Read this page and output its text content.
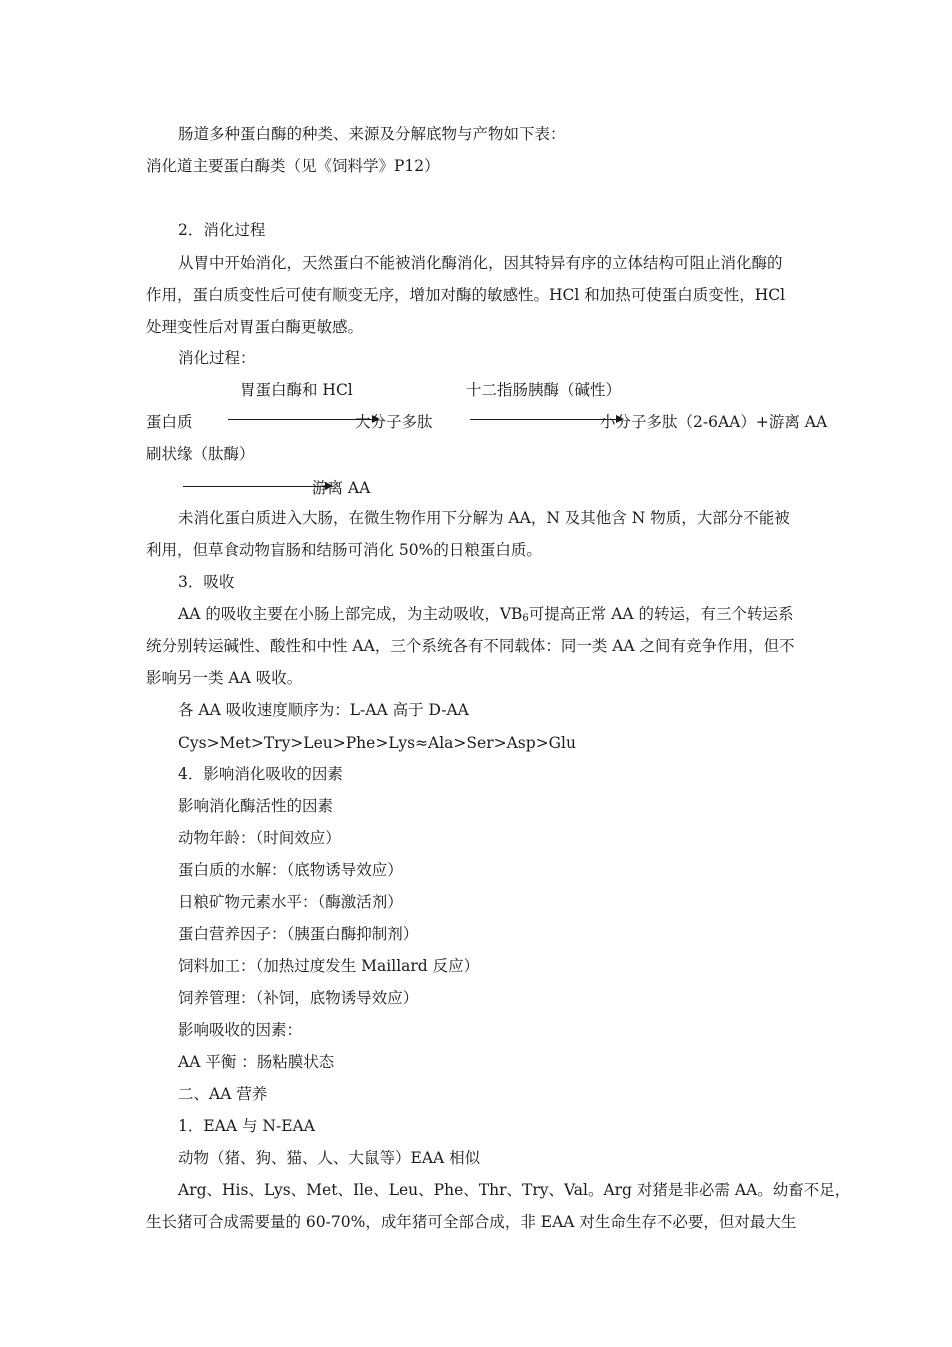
肠道多种蛋白酶的种类、来源及分解底物与产物如下表：
消化道主要蛋白酶类（见《饲料学》P12）
2．消化过程
从胃中开始消化，天然蛋白不能被消化酶消化，因其特异有序的立体结构可阻止消化酶的
作用，蛋白质变性后可使有顺变无序，增加对酶的敏感性。HCl 和加热可使蛋白质变性，HCl
处理变性后对胃蛋白酶更敏感。
消化过程：
胃蛋白酶和 HCl	十二指肠胰酶（碱性）
蛋白质	大分子多肽	小分子多肽（2-6AA）+游离 AA
刷状缘（肽酶）
游离 AA
未消化蛋白质进入大肠，在微生物作用下分解为 AA，N 及其他含 N 物质，大部分不能被
利用，但草食动物盲肠和结肠可消化 50%的日粮蛋白质。
3．吸收
AA 的吸收主要在小肠上部完成，为主动吸收，$VB_6$可提高正常 AA 的转运，有三个转运系
统分别转运碱性、酸性和中性 AA，三个系统各有不同载体：同一类 AA 之间有竞争作用，但不
影响另一类 AA 吸收。
各 AA 吸收速度顺序为：L-AA 高于 D-AA
Cys>Met>Try>Leu>Phe>Lys≈Ala>Ser>Asp>Glu
4．影响消化吸收的因素
影响消化酶活性的因素
动物年龄：（时间效应）
蛋白质的水解：（底物诱导效应）
日粮矿物元素水平：（酶激活剂）
蛋白营养因子：（胰蛋白酶抑制剂）
饲料加工：（加热过度发生 Maillard 反应）
饲养管理：（补饲，底物诱导效应）
影响吸收的因素：
AA 平衡 ：肠粘膜状态
二、AA 营养
1．EAA 与 N-EAA
动物（猪、狗、猫、人、大鼠等）EAA 相似
Arg、His、Lys、Met、Ile、Leu、Phe、Thr、Try、Val。Arg 对猪是非必需 AA。幼畜不足，
生长猪可合成需要量的 60-70%，成年猪可全部合成，非 EAA 对生命生存不必要，但对最大生
